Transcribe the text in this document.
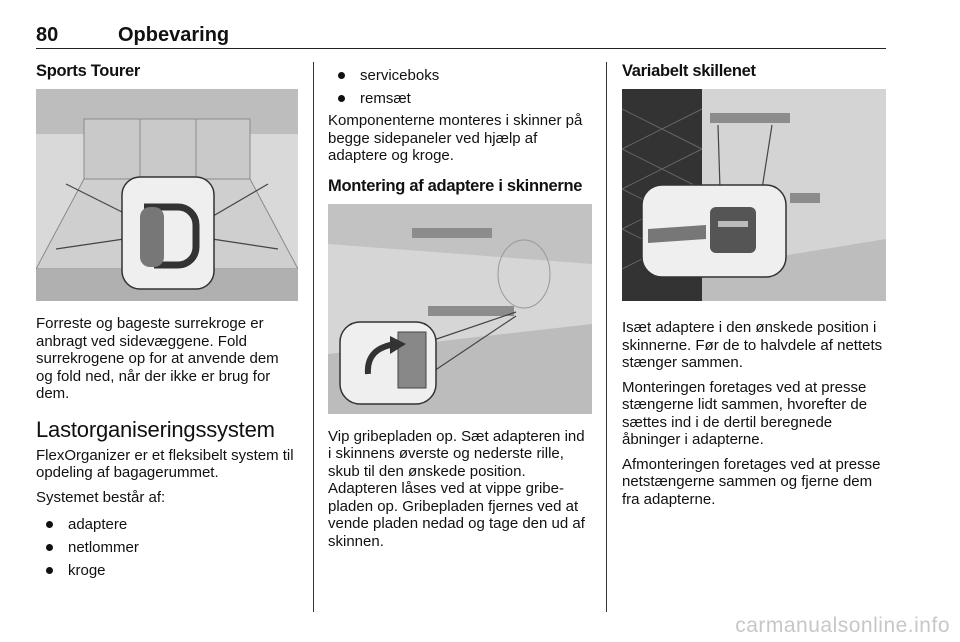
80	Opbevaring
Sports Tourer

Forreste og bageste surrekroge er anbragt ved sidevæggene. Fold surrekrogene op for at anvende dem og fold ned, når der ikke er brug for dem.

Lastorganiseringssystem

FlexOrganizer er et fleksibelt system til opdeling af bagagerummet.

Systemet består af:

adaptere
netlommer
kroge
serviceboks
remsæt

Komponenterne monteres i skinner på begge sidepaneler ved hjælp af adaptere og kroge.

Montering af adaptere i skinnerne

Vip gribepladen op. Sæt adapteren ind i skinnens øverste og nederste rille, skub til den ønskede position. Adapteren låses ved at vippe gribe-pladen op. Gribepladen fjernes ved at vende pladen nedad og tage den ud af skinnen.

Variabelt skillenet

Isæt adaptere i den ønskede position i skinnerne. Før de to halvdele af nettets stænger sammen.

Monteringen foretages ved at presse stængerne lidt sammen, hvorefter de sættes ind i de dertil beregnede åbninger i adapterne.

Afmonteringen foretages ved at presse netstængerne sammen og fjerne dem fra adapterne.

carmanualsonline.info
